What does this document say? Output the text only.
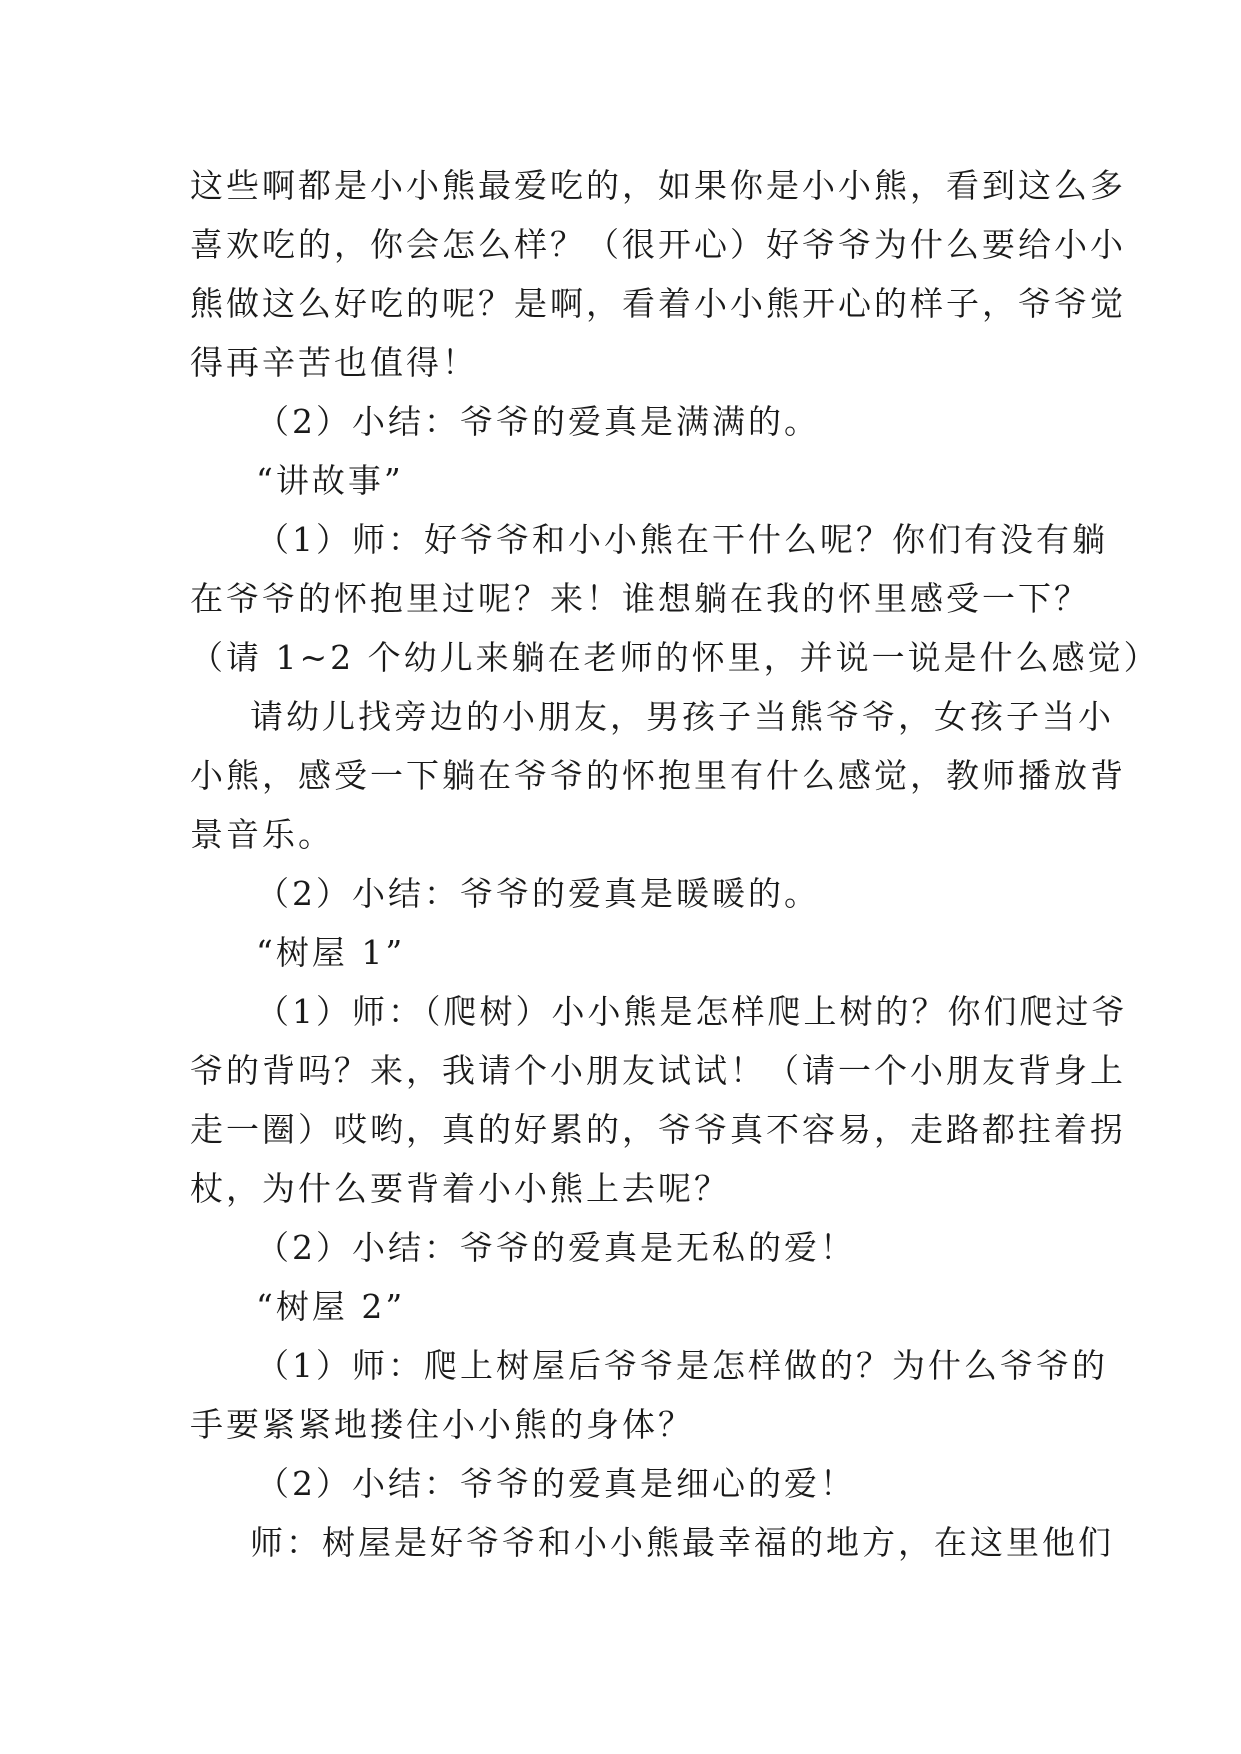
这些啊都是小小熊最爱吃的，如果你是小小熊，看到这么多
喜欢吃的，你会怎么样？（很开心）好爷爷为什么要给小小
熊做这么好吃的呢？是啊，看着小小熊开心的样子，爷爷觉
得再辛苦也值得！
（2）小结：爷爷的爱真是满满的。
“讲故事”
（1）师：好爷爷和小小熊在干什么呢？你们有没有躺
在爷爷的怀抱里过呢？来！谁想躺在我的怀里感受一下？
（请 1~2 个幼儿来躺在老师的怀里，并说一说是什么感觉）
请幼儿找旁边的小朋友，男孩子当熊爷爷，女孩子当小
小熊，感受一下躺在爷爷的怀抱里有什么感觉，教师播放背
景音乐。
（2）小结：爷爷的爱真是暖暖的。
“树屋 1”
（1）师：（爬树）小小熊是怎样爬上树的？你们爬过爷
爷的背吗？来，我请个小朋友试试！（请一个小朋友背身上
走一圈）哎哟，真的好累的，爷爷真不容易，走路都拄着拐
杖，为什么要背着小小熊上去呢？
（2）小结：爷爷的爱真是无私的爱！
“树屋 2”
（1）师：爬上树屋后爷爷是怎样做的？为什么爷爷的
手要紧紧地搂住小小熊的身体？
（2）小结：爷爷的爱真是细心的爱！
师：树屋是好爷爷和小小熊最幸福的地方，在这里他们
